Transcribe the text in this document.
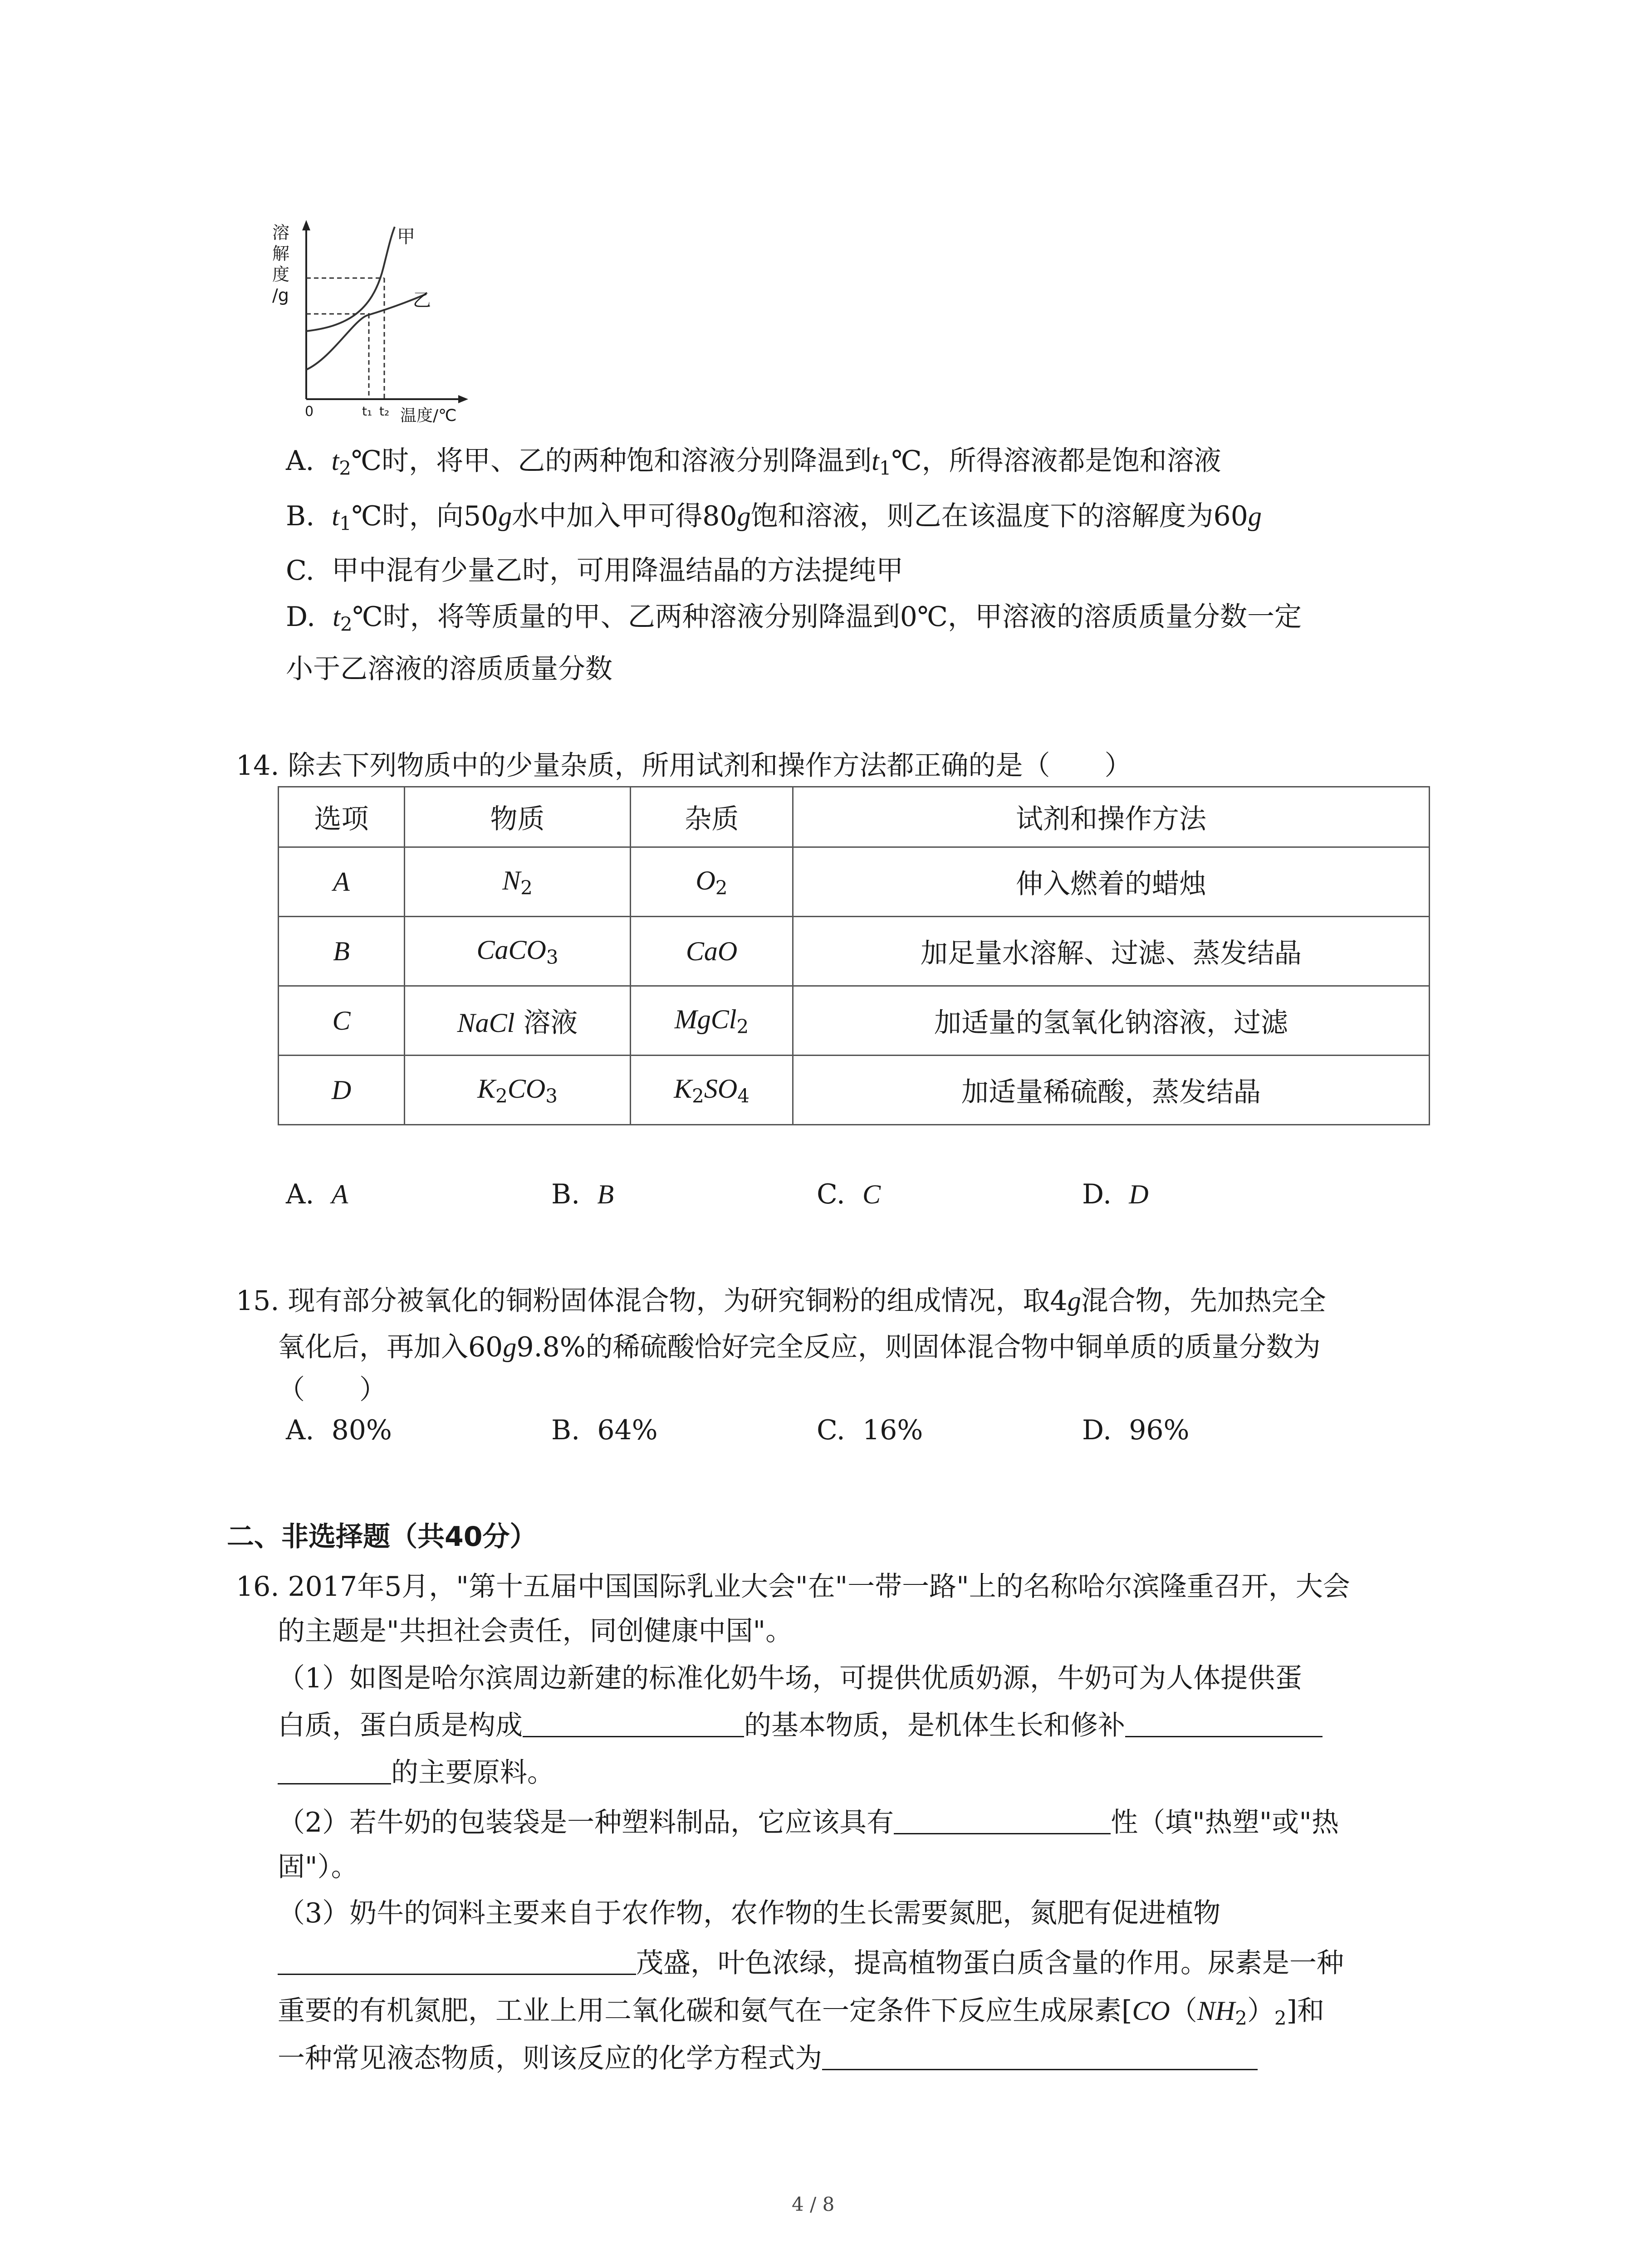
溶
解
度
/g
甲
乙
0	t₁ t₂ 温度/℃
A. $t_2℃$时，将甲、乙的两种饱和溶液分别降温到$t_1℃$，所得溶液都是饱和溶液
B. $t_1℃$时，向50g水中加入甲可得80g饱和溶液，则乙在该温度下的溶解度为60g
C. 甲中混有少量乙时，可用降温结晶的方法提纯甲
D. $t_2℃$时，将等质量的甲、乙两种溶液分别降温到0℃，甲溶液的溶质质量分数一定
小于乙溶液的溶质质量分数
14. 除去下列物质中的少量杂质，所用试剂和操作方法都正确的是（　　）
选项	物质	杂质	试剂和操作方法
A	$N_2$	$O_2$	伸入燃着的蜡烛
B	CaCO$_3$	CaO	加足量水溶解、过滤、蒸发结晶
C	NaCl 溶液	MgCl$_2$	加适量的氢氧化钠溶液，过滤
D	$K_2CO_3$	$K_2SO_4$	加适量稀硫酸，蒸发结晶
A. A	B. B	C. C	D. D
15. 现有部分被氧化的铜粉固体混合物，为研究铜粉的组成情况，取4g混合物，先加热完全
氧化后，再加入60g9.8%的稀硫酸恰好完全反应，则固体混合物中铜单质的质量分数为
（　　）
A. 80%	B. 64%	C. 16%	D. 96%
二、非选择题（共40分）
16. 2017年5月，"第十五届中国国际乳业大会"在"一带一路"上的名称哈尔滨隆重召开，大会
的主题是"共担社会责任，同创健康中国"。
（1）如图是哈尔滨周边新建的标准化奶牛场，可提供优质奶源，牛奶可为人体提供蛋
白质，蛋白质是构成	的基本物质，是机体生长和修补
的主要原料。
（2）若牛奶的包装袋是一种塑料制品，它应该具有	性（填"热塑"或"热
固"）。
（3）奶牛的饲料主要来自于农作物，农作物的生长需要氮肥，氮肥有促进植物
茂盛，叶色浓绿，提高植物蛋白质含量的作用。尿素是一种
重要的有机氮肥，工业上用二氧化碳和氨气在一定条件下反应生成尿素$[CO(NH_2)_2]$和
一种常见液态物质，则该反应的化学方程式为
4 / 8
